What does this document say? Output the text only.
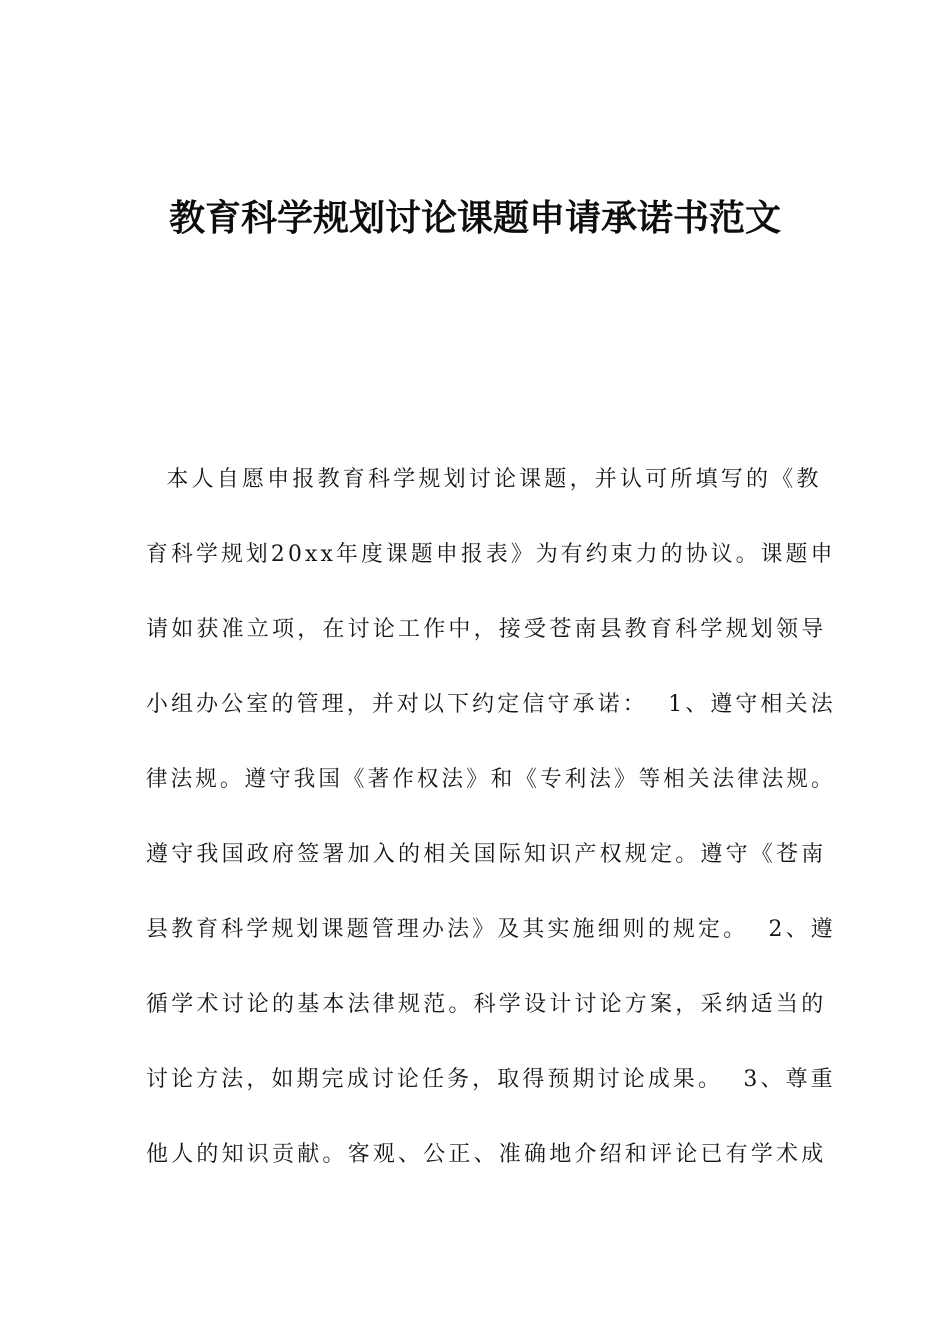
教育科学规划讨论课题申请承诺书范文
本人自愿申报教育科学规划讨论课题，并认可所填写的《教
育科学规划20xx年度课题申报表》为有约束力的协议。课题申
请如获准立项，在讨论工作中，接受苍南县教育科学规划领导
小组办公室的管理，并对以下约定信守承诺：  1、遵守相关法
律法规。遵守我国《著作权法》和《专利法》等相关法律法规。
遵守我国政府签署加入的相关国际知识产权规定。遵守《苍南
县教育科学规划课题管理办法》及其实施细则的规定。  2、遵
循学术讨论的基本法律规范。科学设计讨论方案，采纳适当的
讨论方法，如期完成讨论任务，取得预期讨论成果。  3、尊重
他人的知识贡献。客观、公正、准确地介绍和评论已有学术成
